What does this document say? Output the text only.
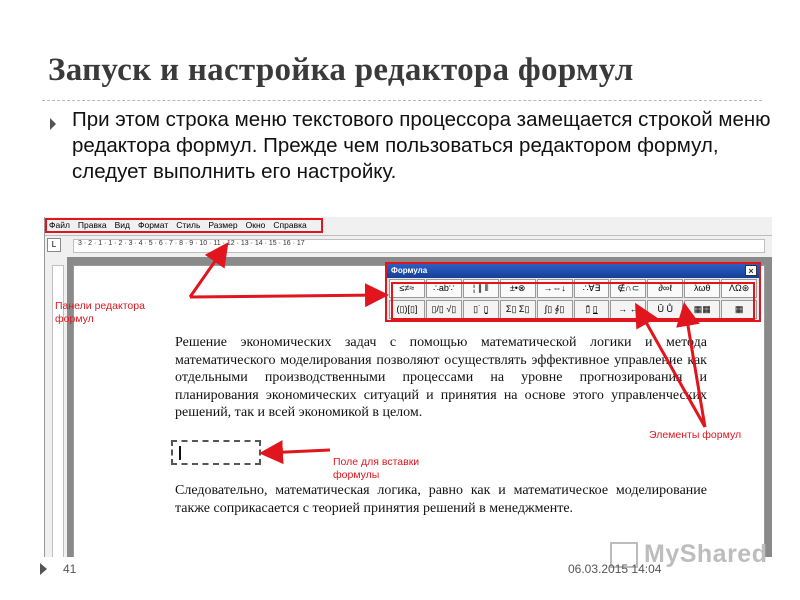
Запуск и настройка редактора формул

При этом строка меню текстового процессора замещается строкой меню редактора формул. Прежде чем пользоваться редактором формул, следует выполнить его настройку.

Файл Правка Вид Формат Стиль Размер Окно Справка
L	3 · 2 · 1 · 1 · 2 · 3 · 4 · 5 · 6 · 7 · 8 · 9 · 10 · 11 · 12 · 13 · 14 · 15 · 16 · 17
Формула	×
≤≠≈	∴ab∵	¦ ∥ ⦀	±•⊗	→⇔↓	∴∀∃	∉∩⊂	∂∞ℓ	λωθ	ΛΩ⊛
(▯)[▯]	▯/▯ √▯	▯˙ ▯̱	Σ▯ Σ▯	∫▯ ∮▯	▯̄ ▯̲	→ ←	Ū Ů	▦▦	▦

Решение экономических задач с помощью математической логики и метода математического моделирования позволяют осуществлять эффективное управление как отдельными производственными процессами на уровне прогнозирования и планирования экономических ситуаций и принятия на основе этого управленческих решений, так и всей экономикой в целом.

Следовательно, математическая логика, равно как и математическое моделирование также соприкасается с теорией принятия решений в менеджменте.

Панели редактора
формул

Поле для вставки
формулы

Элементы формул
41
MyShared
06.03.2015 14:04
